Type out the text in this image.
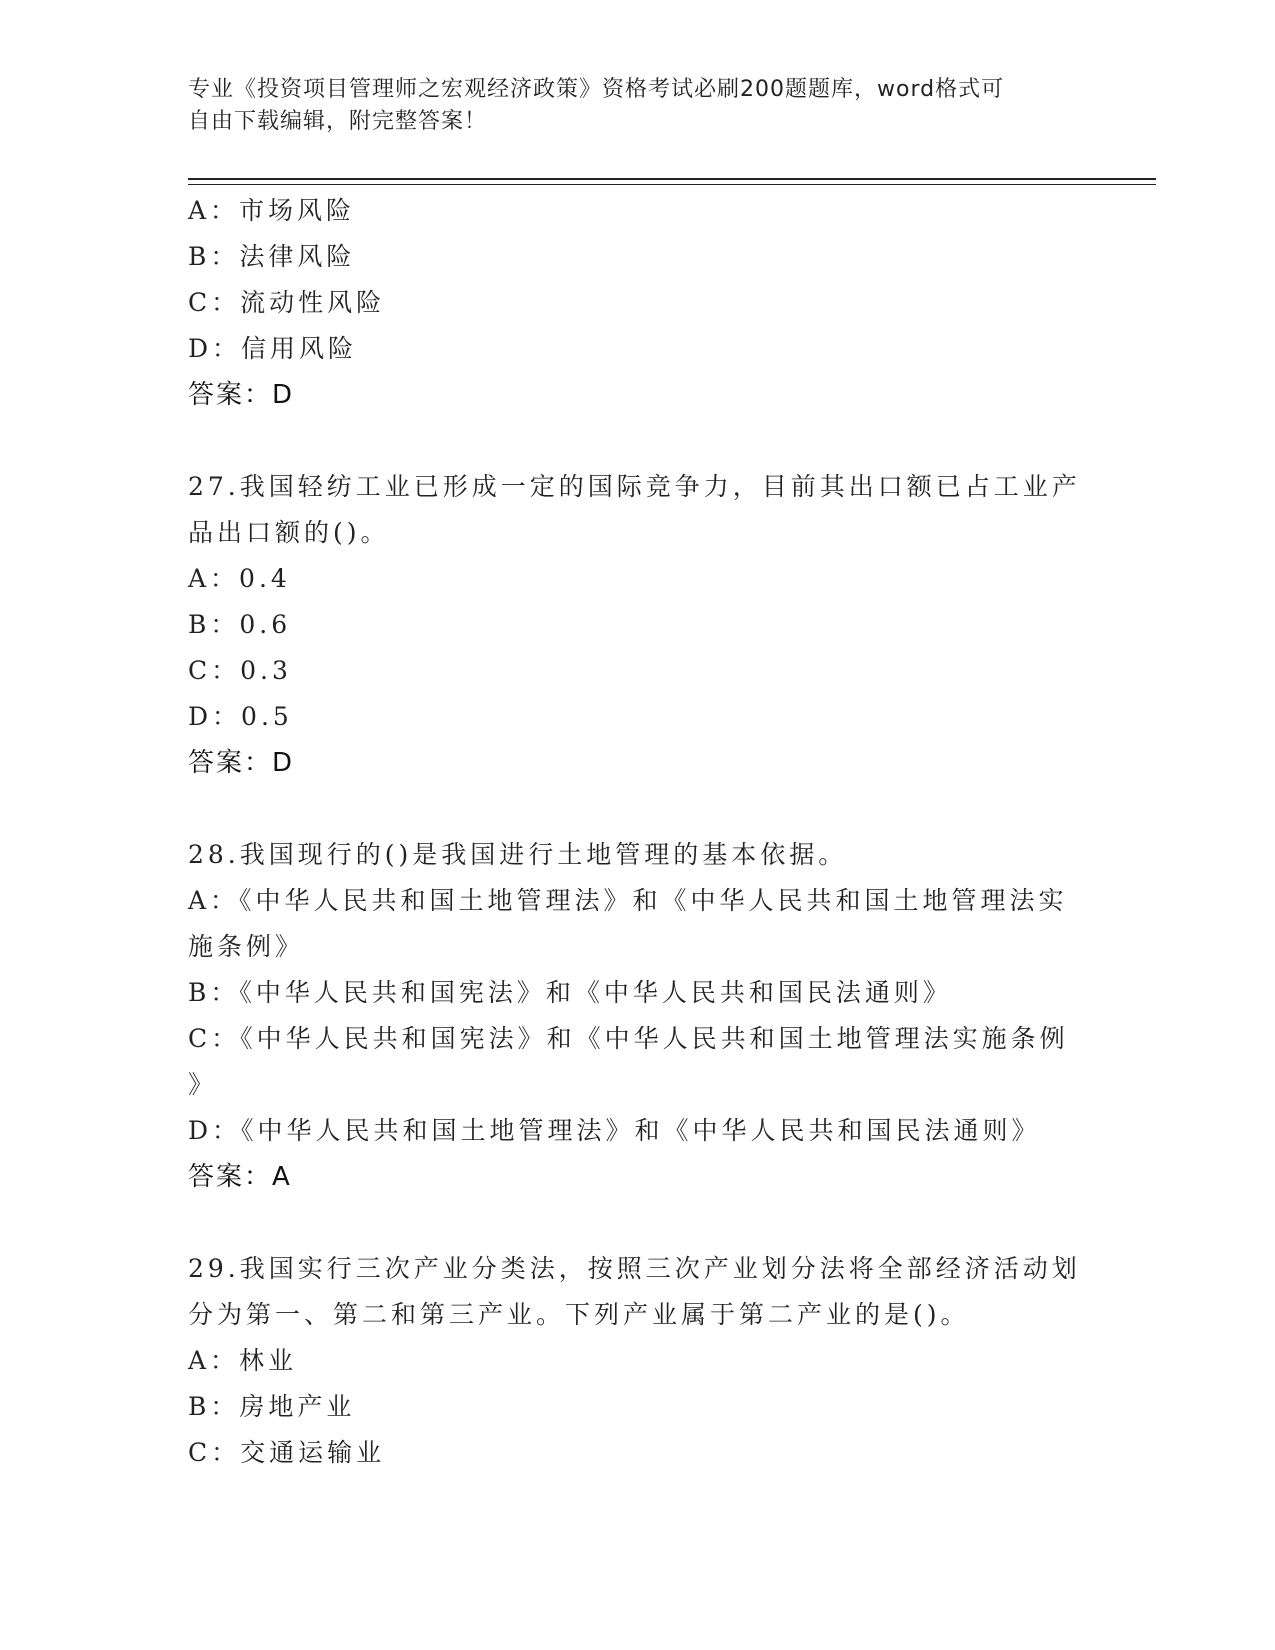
专业《投资项目管理师之宏观经济政策》资格考试必刷200题题库，word格式可
自由下载编辑，附完整答案！
A：市场风险
B：法律风险
C：流动性风险
D：信用风险
答案：D
27.我国轻纺工业已形成一定的国际竞争力，目前其出口额已占工业产
品出口额的()。
A：0.4
B：0.6
C：0.3
D：0.5
答案：D
28.我国现行的()是我国进行土地管理的基本依据。
A：《中华人民共和国土地管理法》和《中华人民共和国土地管理法实
施条例》
B：《中华人民共和国宪法》和《中华人民共和国民法通则》
C：《中华人民共和国宪法》和《中华人民共和国土地管理法实施条例
》
D：《中华人民共和国土地管理法》和《中华人民共和国民法通则》
答案：A
29.我国实行三次产业分类法，按照三次产业划分法将全部经济活动划
分为第一、第二和第三产业。下列产业属于第二产业的是()。
A：林业
B：房地产业
C：交通运输业
